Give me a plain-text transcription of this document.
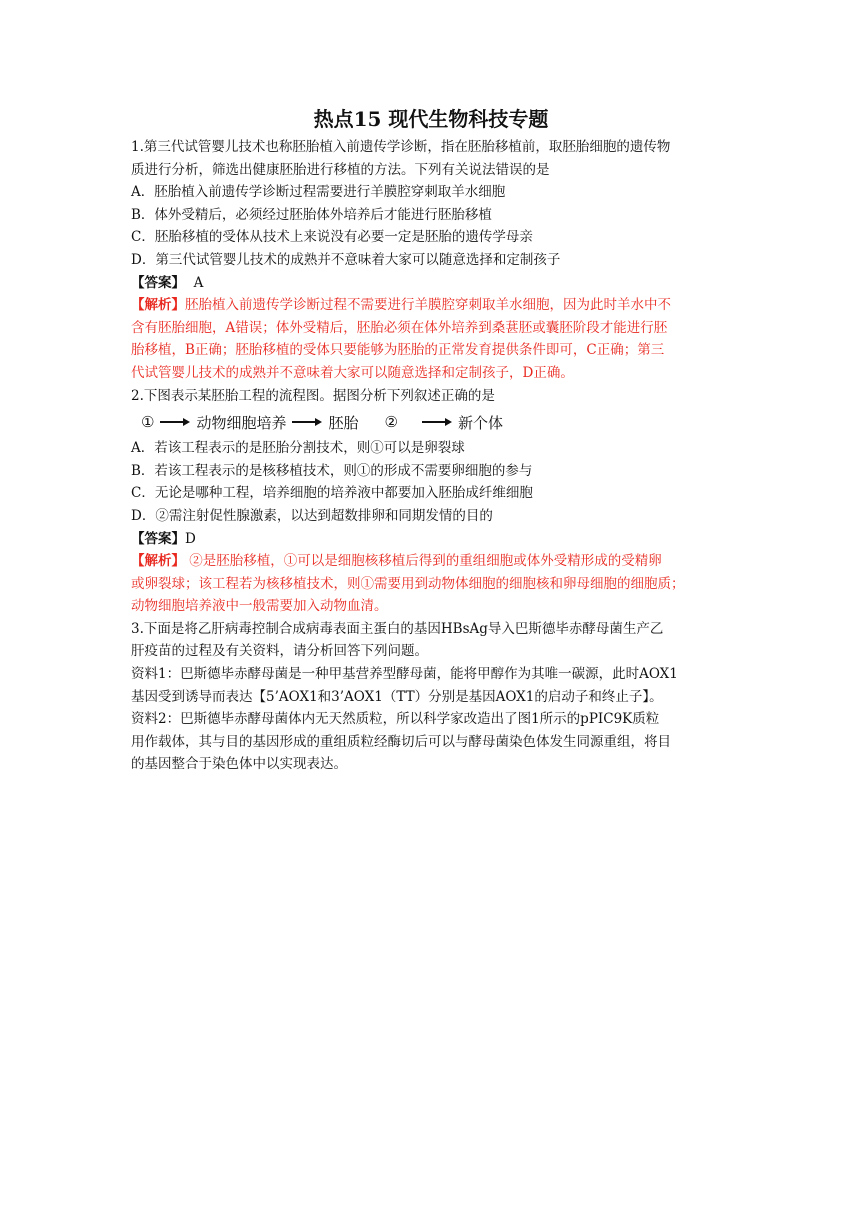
热点15 现代生物科技专题
1.第三代试管婴儿技术也称胚胎植入前遗传学诊断，指在胚胎移植前，取胚胎细胞的遗传物
质进行分析，筛选出健康胚胎进行移植的方法。下列有关说法错误的是
A．胚胎植入前遗传学诊断过程需要进行羊膜腔穿刺取羊水细胞
B．体外受精后，必须经过胚胎体外培养后才能进行胚胎移植
C．胚胎移植的受体从技术上来说没有必要一定是胚胎的遗传学母亲
D．第三代试管婴儿技术的成熟并不意味着大家可以随意选择和定制孩子
【答案】  A
【解析】胚胎植入前遗传学诊断过程不需要进行羊膜腔穿刺取羊水细胞，因为此时羊水中不
含有胚胎细胞，A错误；体外受精后，胚胎必须在体外培养到桑葚胚或囊胚阶段才能进行胚
胎移植，B正确；胚胎移植的受体只要能够为胚胎的正常发育提供条件即可，C正确；第三
代试管婴儿技术的成熟并不意味着大家可以随意选择和定制孩子，D正确。
2.下图表示某胚胎工程的流程图。据图分析下列叙述正确的是
①	动物细胞培养	胚胎 ②	新个体
A．若该工程表示的是胚胎分割技术，则①可以是卵裂球
B．若该工程表示的是核移植技术，则①的形成不需要卵细胞的参与
C．无论是哪种工程，培养细胞的培养液中都要加入胚胎成纤维细胞
D．②需注射促性腺激素，以达到超数排卵和同期发情的目的
【答案】D
【解析】 ②是胚胎移植，①可以是细胞核移植后得到的重组细胞或体外受精形成的受精卵
或卵裂球；该工程若为核移植技术，则①需要用到动物体细胞的细胞核和卵母细胞的细胞质；
动物细胞培养液中一般需要加入动物血清。
3.下面是将乙肝病毒控制合成病毒表面主蛋白的基因HBsAg导入巴斯德毕赤酵母菌生产乙
肝疫苗的过程及有关资料，请分析回答下列问题。
资料1：巴斯德毕赤酵母菌是一种甲基营养型酵母菌，能将甲醇作为其唯一碳源，此时AOX1
基因受到诱导而表达【5’AOX1和3’AOX1（TT）分别是基因AOX1的启动子和终止子】。
资料2：巴斯德毕赤酵母菌体内无天然质粒，所以科学家改造出了图1所示的pPIC9K质粒
用作载体，其与目的基因形成的重组质粒经酶切后可以与酵母菌染色体发生同源重组，将目
的基因整合于染色体中以实现表达。
